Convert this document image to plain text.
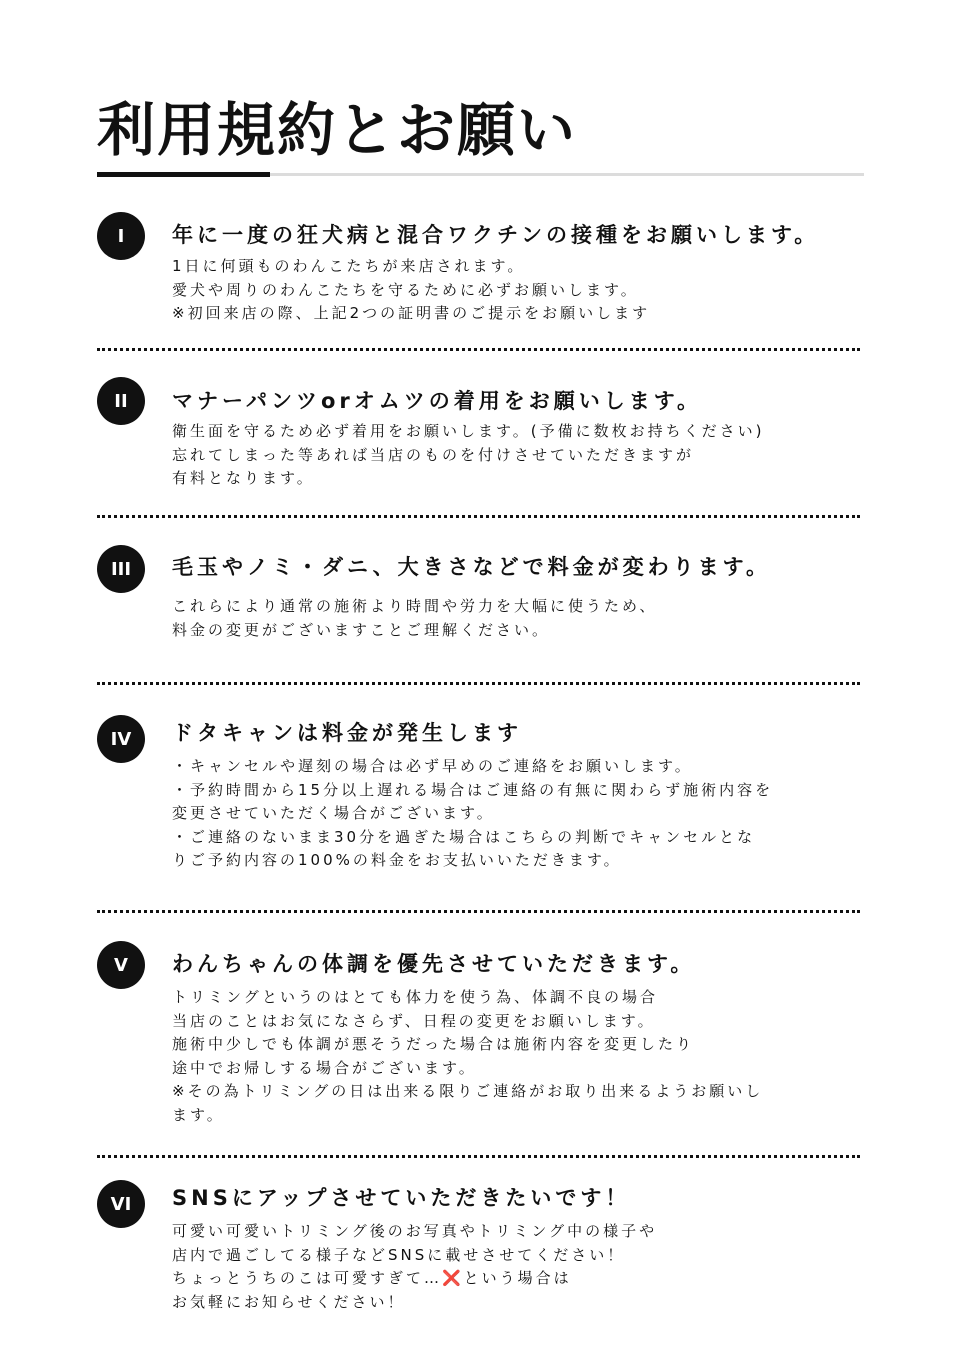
利用規約とお願い
I	年に一度の狂犬病と混合ワクチンの接種をお願いします。
1日に何頭ものわんこたちが来店されます。
愛犬や周りのわんこたちを守るために必ずお願いします。
※初回来店の際、上記2つの証明書のご提示をお願いします
II	マナーパンツorオムツの着用をお願いします。
衛生面を守るため必ず着用をお願いします。(予備に数枚お持ちください)
忘れてしまった等あれば当店のものを付けさせていただきますが
有料となります。
III	毛玉やノミ・ダニ、大きさなどで料金が変わります。
これらにより通常の施術より時間や労力を大幅に使うため、
料金の変更がございますことご理解ください。
IV	ドタキャンは料金が発生します
・キャンセルや遅刻の場合は必ず早めのご連絡をお願いします。
・予約時間から15分以上遅れる場合はご連絡の有無に関わらず施術内容を
変更させていただく場合がございます。
・ご連絡のないまま30分を過ぎた場合はこちらの判断でキャンセルとな
りご予約内容の100%の料金をお支払いいただきます。
V	わんちゃんの体調を優先させていただきます。
トリミングというのはとても体力を使う為、体調不良の場合
当店のことはお気になさらず、日程の変更をお願いします。
施術中少しでも体調が悪そうだった場合は施術内容を変更したり
途中でお帰しする場合がございます。
※その為トリミングの日は出来る限りご連絡がお取り出来るようお願いし
ます。
VI	SNSにアップさせていただきたいです！
可愛い可愛いトリミング後のお写真やトリミング中の様子や
店内で過ごしてる様子などSNSに載せさせてください！
ちょっとうちのこは可愛すぎて…❌という場合は
お気軽にお知らせください！
